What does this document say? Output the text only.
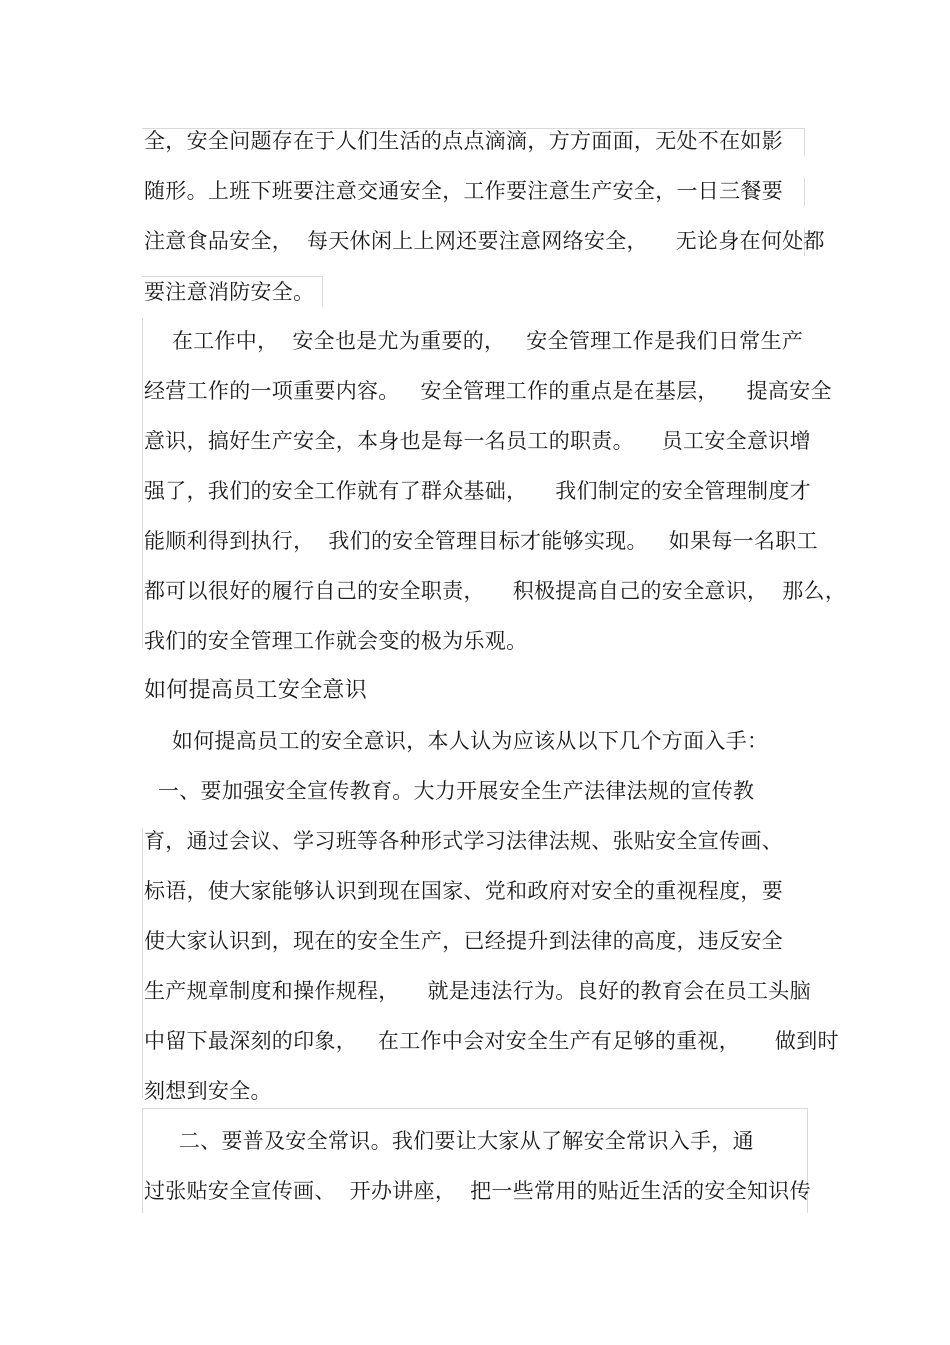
全，安全问题存在于人们生活的点点滴滴，方方面面，无处不在如影
随形。上班下班要注意交通安全，工作要注意生产安全，一日三餐要
注意食品安全，  每天休闲上上网还要注意网络安全，    无论身在何处都
要注意消防安全。
在工作中，  安全也是尤为重要的，   安全管理工作是我们日常生产
经营工作的一项重要内容。   安全管理工作的重点是在基层，    提高安全
意识，搞好生产安全，本身也是每一名员工的职责。    员工安全意识增
强了，我们的安全工作就有了群众基础，    我们制定的安全管理制度才
能顺利得到执行，  我们的安全管理目标才能够实现。   如果每一名职工
都可以很好的履行自己的安全职责，    积极提高自己的安全意识，  那么，
我们的安全管理工作就会变的极为乐观。
如何提高员工安全意识
如何提高员工的安全意识，本人认为应该从以下几个方面入手：
一、要加强安全宣传教育。大力开展安全生产法律法规的宣传教
育，通过会议、学习班等各种形式学习法律法规、张贴安全宣传画、
标语，使大家能够认识到现在国家、党和政府对安全的重视程度，要
使大家认识到，现在的安全生产，已经提升到法律的高度，违反安全
生产规章制度和操作规程，    就是违法行为。良好的教育会在员工头脑
中留下最深刻的印象，   在工作中会对安全生产有足够的重视，     做到时
刻想到安全。
二、要普及安全常识。我们要让大家从了解安全常识入手，通
过张贴安全宣传画、  开办讲座，  把一些常用的贴近生活的安全知识传
